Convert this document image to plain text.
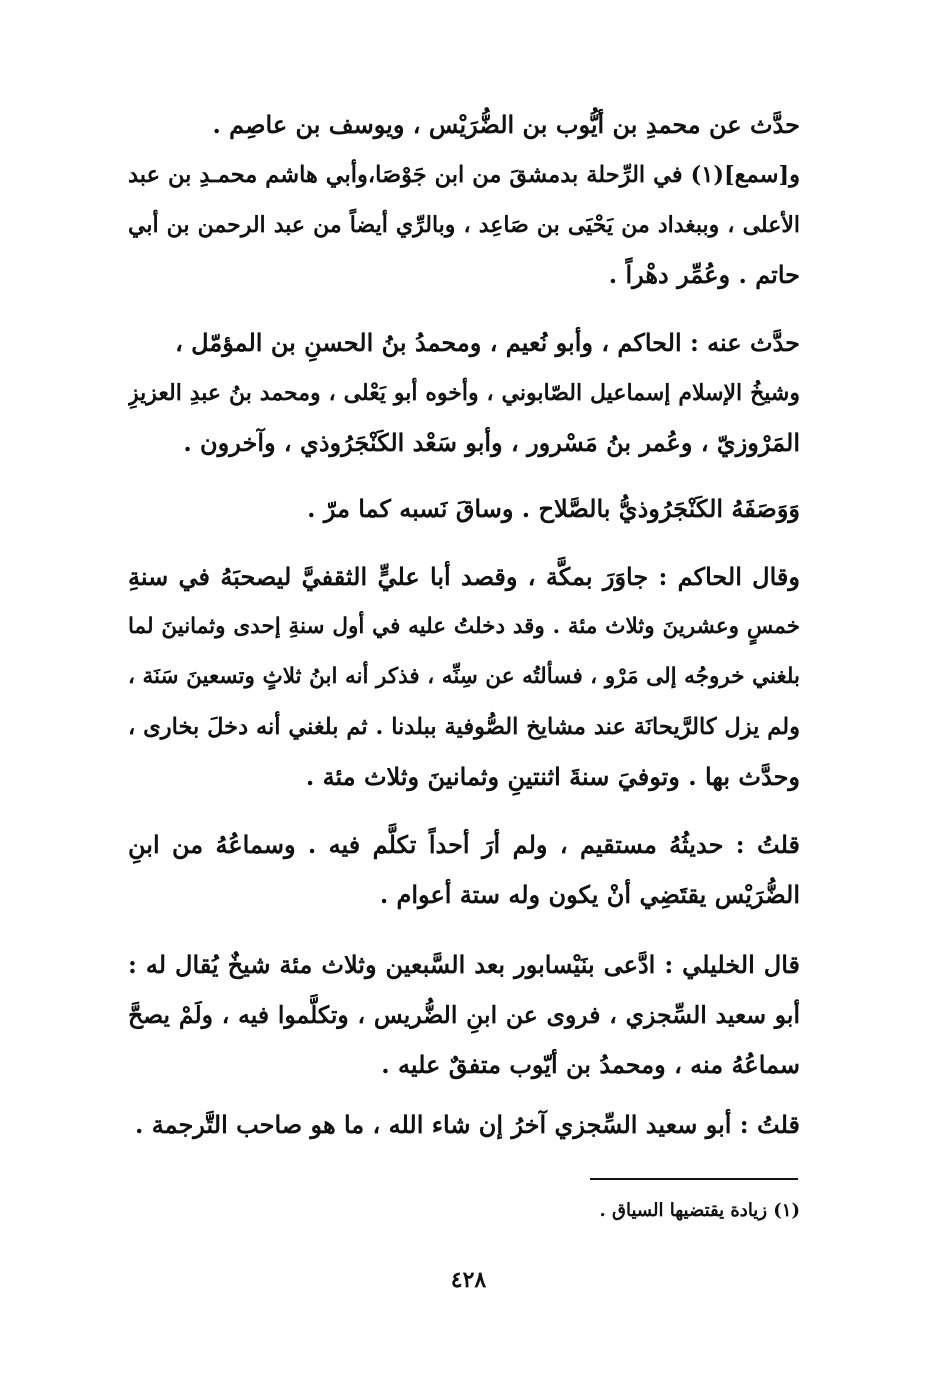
حدَّث عن محمدِ بن أيُّوب بن الضُّرَيْس ، ويوسف بن عاصِم .
و[سمع](١) في الرِّحلة بدمشقَ من ابن جَوْصَا،وأبي هاشم محمـدِ بن عبد
الأعلى ، وببغداد من يَحْيَى بن صَاعِد ، وبالرِّي أيضاً من عبد الرحمن بن أبي
حاتم . وعُمِّر دهْراً .
حدَّث عنه : الحاكم ، وأبو نُعيم ، ومحمدُ بنُ الحسنِ بن المؤمّل ،
وشيخُ الإسلام إسماعيل الصّابوني ، وأخوه أبو يَعْلى ، ومحمد بنُ عبدِ العزيزِ
المَرْوزيّ ، وعُمر بنُ مَسْرور ، وأبو سَعْد الكَنْجَرُوذي ، وآخرون .
وَوَصَفَهُ الكَنْجَرُوذيُّ بالصَّلاح . وساقَ نَسبه كما مرّ .
وقال الحاكم : جاوَرَ بمكَّة ، وقصد أبا عليٍّ الثقفيَّ ليصحبَهُ في سنةِ
خمسٍ وعشرينَ وثلاث مئة . وقد دخلتُ عليه في أول سنةِ إحدى وثمانينَ لما
بلغني خروجُه إلى مَرْو ، فسألتُه عن سِنِّه ، فذكر أنه ابنُ ثلاثٍ وتسعينَ سَنَة ،
ولم يزل كالرَّيحانَة عند مشايخ الصُّوفية ببلدنا . ثم بلغني أنه دخلَ بخارى ،
وحدَّث بها . وتوفيَ سنةَ اثنتينِ وثمانينَ وثلاث مئة .
قلتُ : حديثُهُ مستقيم ، ولم أرَ أحداً تكلَّم فيه . وسماعُهُ من ابنِ
الضُّرَيْس يقتَضِي أنْ يكون وله ستة أعوام .
قال الخليلي : ادَّعى بنَيْسابور بعد السَّبعين وثلاث مئة شيخٌ يُقال له :
أبو سعيد السِّجزي ، فروى عن ابنِ الضُّريس ، وتكلَّموا فيه ، ولَمْ يصحَّ
سماعُهُ منه ، ومحمدُ بن أيّوب متفقٌ عليه .
قلتُ : أبو سعيد السِّجزي آخرُ إن شاء الله ، ما هو صاحب التَّرجمة .
(١) زيادة يقتضيها السياق .
٤٢٨
